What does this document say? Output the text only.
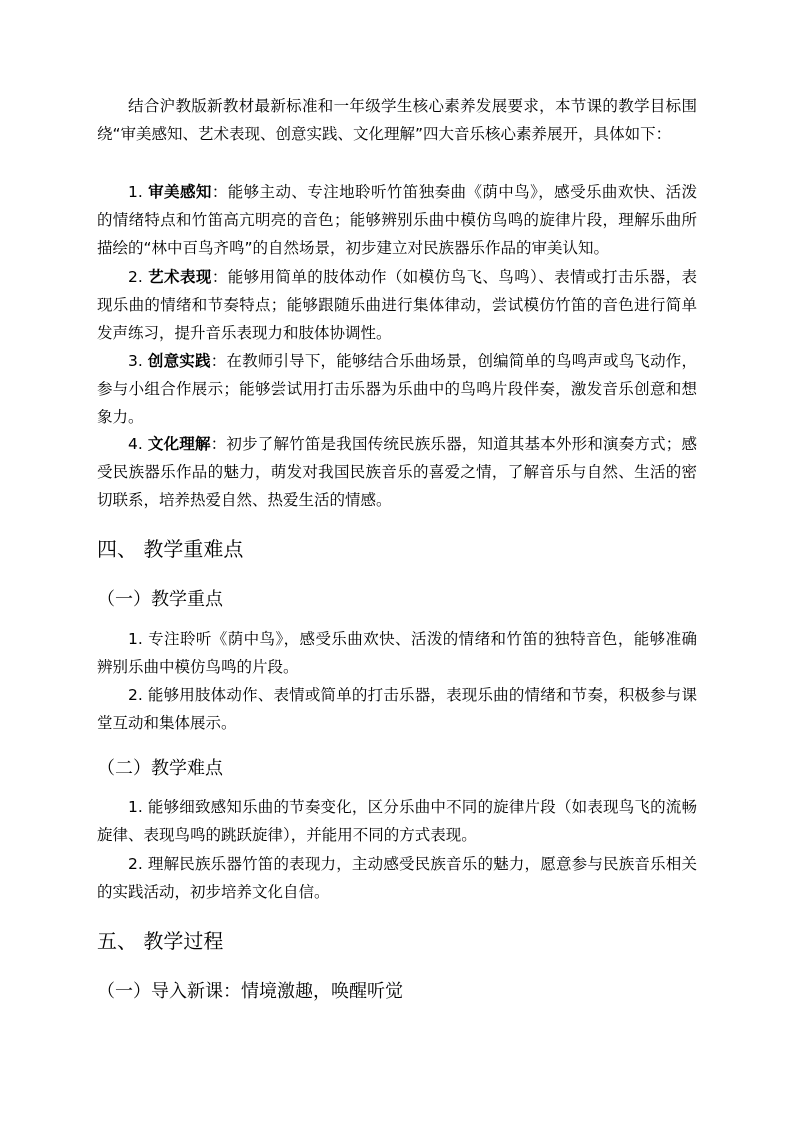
结合沪教版新教材最新标准和一年级学生核心素养发展要求，本节课的教学目标围绕“审美感知、艺术表现、创意实践、文化理解”四大音乐核心素养展开，具体如下：

1. 审美感知：能够主动、专注地聆听竹笛独奏曲《荫中鸟》，感受乐曲欢快、活泼的情绪特点和竹笛高亢明亮的音色；能够辨别乐曲中模仿鸟鸣的旋律片段，理解乐曲所描绘的“林中百鸟齐鸣”的自然场景，初步建立对民族器乐作品的审美认知。

2. 艺术表现：能够用简单的肢体动作（如模仿鸟飞、鸟鸣）、表情或打击乐器，表现乐曲的情绪和节奏特点；能够跟随乐曲进行集体律动，尝试模仿竹笛的音色进行简单发声练习，提升音乐表现力和肢体协调性。

3. 创意实践：在教师引导下，能够结合乐曲场景，创编简单的鸟鸣声或鸟飞动作，参与小组合作展示；能够尝试用打击乐器为乐曲中的鸟鸣片段伴奏，激发音乐创意和想象力。

4. 文化理解：初步了解竹笛是我国传统民族乐器，知道其基本外形和演奏方式；感受民族器乐作品的魅力，萌发对我国民族音乐的喜爱之情，了解音乐与自然、生活的密切联系，培养热爱自然、热爱生活的情感。

四、 教学重难点
（一）教学重点

1. 专注聆听《荫中鸟》，感受乐曲欢快、活泼的情绪和竹笛的独特音色，能够准确辨别乐曲中模仿鸟鸣的片段。

2. 能够用肢体动作、表情或简单的打击乐器，表现乐曲的情绪和节奏，积极参与课堂互动和集体展示。

（二）教学难点

1. 能够细致感知乐曲的节奏变化，区分乐曲中不同的旋律片段（如表现鸟飞的流畅旋律、表现鸟鸣的跳跃旋律），并能用不同的方式表现。

2. 理解民族乐器竹笛的表现力，主动感受民族音乐的魅力，愿意参与民族音乐相关的实践活动，初步培养文化自信。

五、 教学过程
（一）导入新课：情境激趣，唤醒听觉
